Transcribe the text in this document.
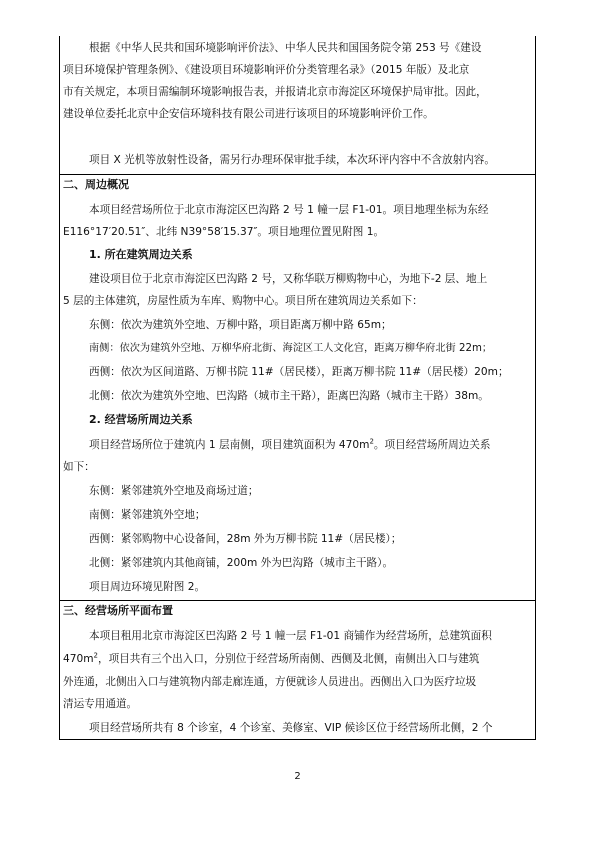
根据《中华人民共和国环境影响评价法》、中华人民共和国国务院令第 253 号《建设
项目环境保护管理条例》、《建设项目环境影响评价分类管理名录》（2015 年版）及北京
市有关规定，本项目需编制环境影响报告表，并报请北京市海淀区环境保护局审批。因此，
建设单位委托北京中企安信环境科技有限公司进行该项目的环境影响评价工作。
项目 X 光机等放射性设备，需另行办理环保审批手续，本次环评内容中不含放射内容。
二、周边概况
本项目经营场所位于北京市海淀区巴沟路 2 号 1 幢一层 F1-01。项目地理坐标为东经
E116°17′20.51″、北纬 N39°58′15.37″。项目地理位置见附图 1。
1. 所在建筑周边关系
建设项目位于北京市海淀区巴沟路 2 号，又称华联万柳购物中心，为地下-2 层、地上
5 层的主体建筑，房屋性质为车库、购物中心。项目所在建筑周边关系如下：
东侧：依次为建筑外空地、万柳中路，项目距离万柳中路 65m；
南侧：依次为建筑外空地、万柳华府北街、海淀区工人文化宫，距离万柳华府北街 22m；
西侧：依次为区间道路、万柳书院 11#（居民楼），距离万柳书院 11#（居民楼）20m；
北侧：依次为建筑外空地、巴沟路（城市主干路），距离巴沟路（城市主干路）38m。
2. 经营场所周边关系
项目经营场所位于建筑内 1 层南侧，项目建筑面积为 $470m^2$。项目经营场所周边关系
如下：
东侧：紧邻建筑外空地及商场过道；
南侧：紧邻建筑外空地；
西侧：紧邻购物中心设备间，28m 外为万柳书院 11#（居民楼）；
北侧：紧邻建筑内其他商铺，200m 外为巴沟路（城市主干路）。
项目周边环境见附图 2。
三、经营场所平面布置
本项目租用北京市海淀区巴沟路 2 号 1 幢一层 F1-01 商铺作为经营场所，总建筑面积
$470m^2$，项目共有三个出入口，分别位于经营场所南侧、西侧及北侧，南侧出入口与建筑
外连通，北侧出入口与建筑物内部走廊连通，方便就诊人员进出。西侧出入口为医疗垃圾
清运专用通道。
项目经营场所共有 8 个诊室，4 个诊室、美修室、VIP 候诊区位于经营场所北侧，2 个
2
